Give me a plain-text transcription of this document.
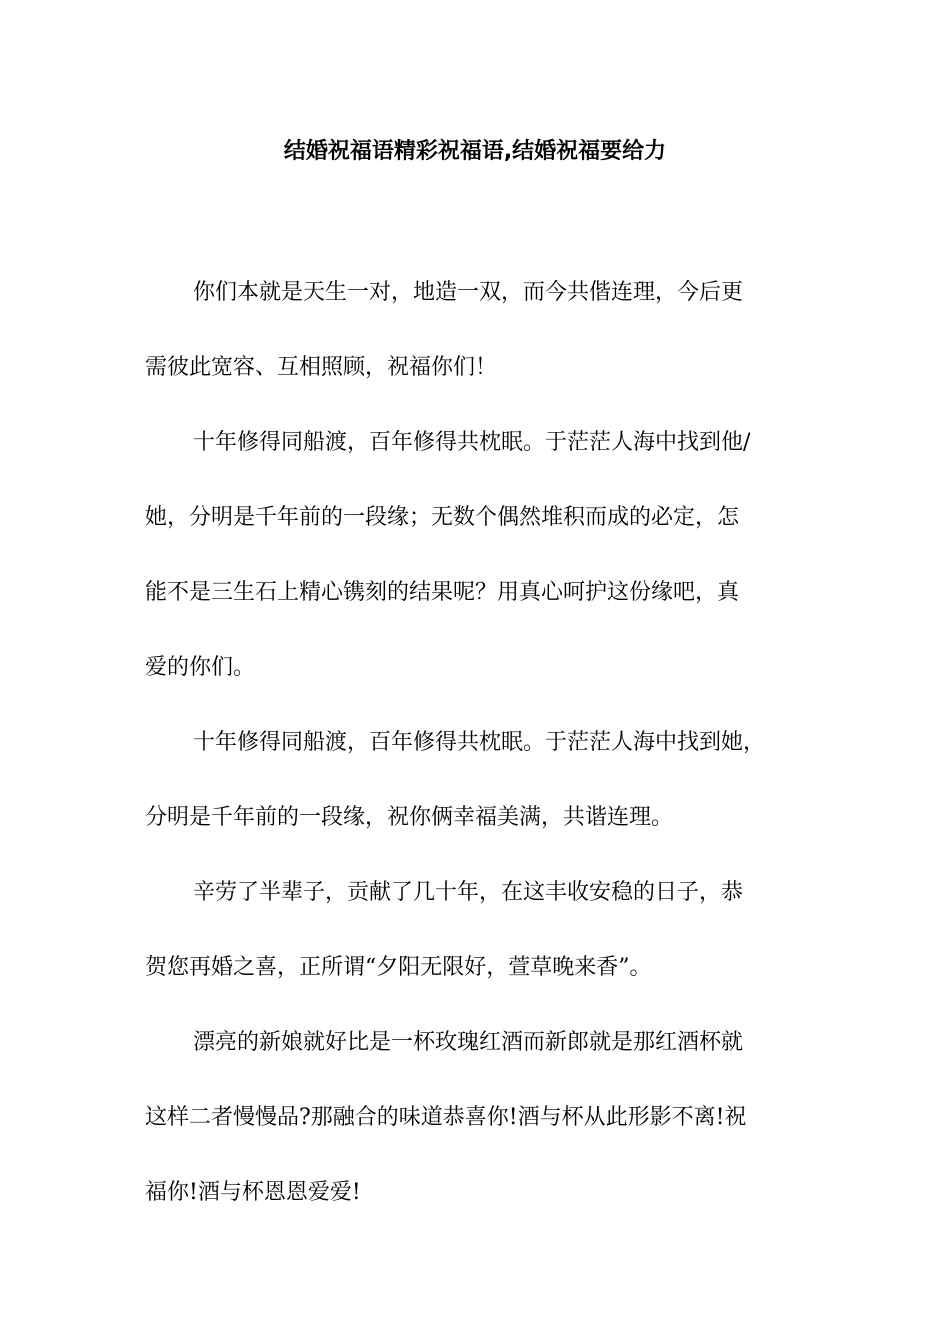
结婚祝福语精彩祝福语,结婚祝福要给力

你们本就是天生一对，地造一双，而今共偕连理，今后更
需彼此宽容、互相照顾，祝福你们！

十年修得同船渡，百年修得共枕眠。于茫茫人海中找到他/
她，分明是千年前的一段缘；无数个偶然堆积而成的必定，怎
能不是三生石上精心镌刻的结果呢？用真心呵护这份缘吧，真
爱的你们。

十年修得同船渡，百年修得共枕眠。于茫茫人海中找到她，
分明是千年前的一段缘，祝你俩幸福美满，共谐连理。

辛劳了半辈子，贡献了几十年，在这丰收安稳的日子，恭
贺您再婚之喜，正所谓“夕阳无限好，萱草晚来香”。

漂亮的新娘就好比是一杯玫瑰红酒而新郎就是那红酒杯就
这样二者慢慢品?那融合的味道恭喜你!酒与杯从此形影不离!祝
福你!酒与杯恩恩爱爱!
